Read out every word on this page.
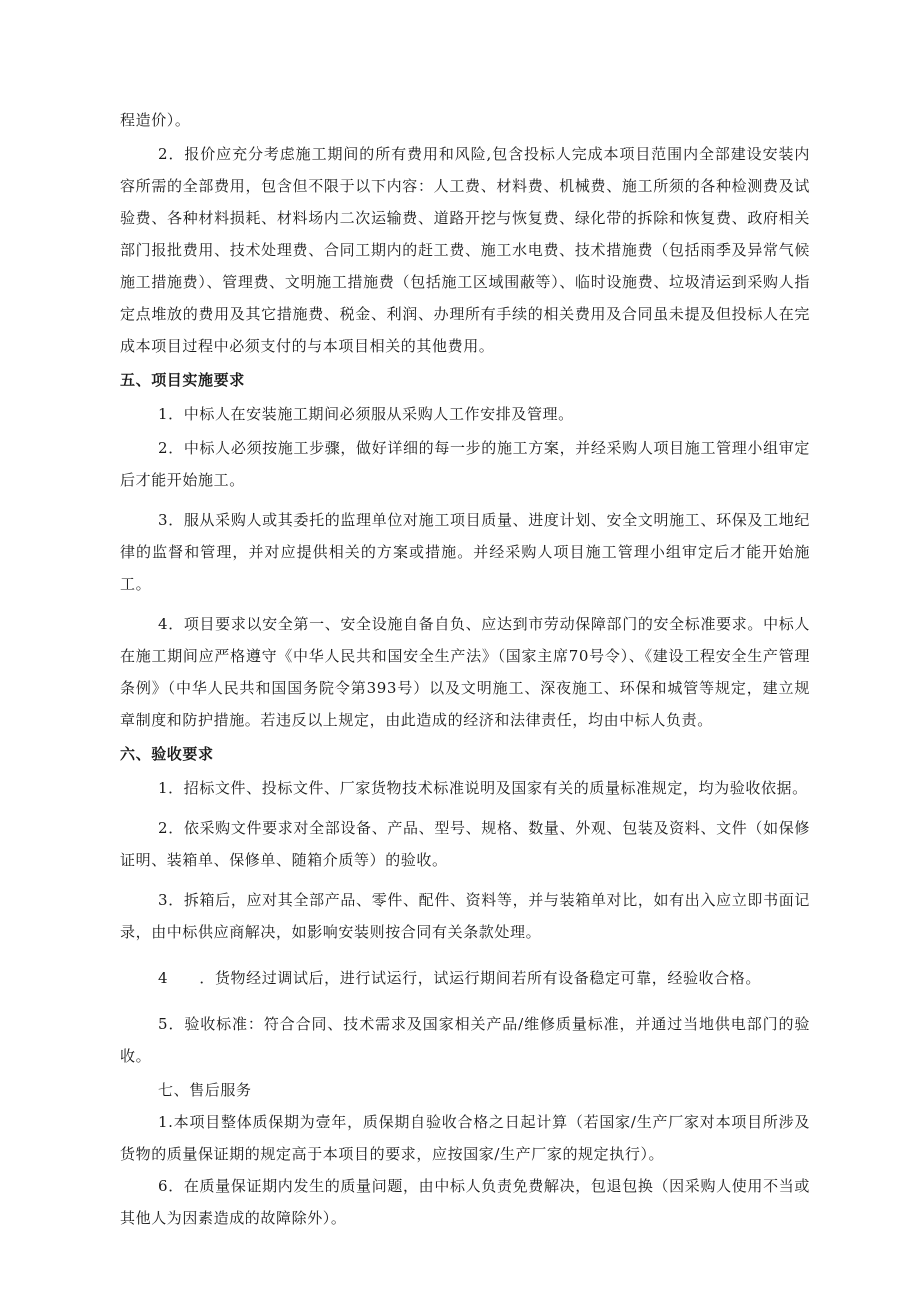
程造价）。

2．报价应充分考虑施工期间的所有费用和风险,包含投标人完成本项目范围内全部建设安装内容所需的全部费用，包含但不限于以下内容：人工费、材料费、机械费、施工所须的各种检测费及试验费、各种材料损耗、材料场内二次运输费、道路开挖与恢复费、绿化带的拆除和恢复费、政府相关部门报批费用、技术处理费、合同工期内的赶工费、施工水电费、技术措施费（包括雨季及异常气候施工措施费）、管理费、文明施工措施费（包括施工区域围蔽等）、临时设施费、垃圾清运到采购人指定点堆放的费用及其它措施费、税金、利润、办理所有手续的相关费用及合同虽未提及但投标人在完成本项目过程中必须支付的与本项目相关的其他费用。

五、项目实施要求

1．中标人在安装施工期间必须服从采购人工作安排及管理。

2．中标人必须按施工步骤，做好详细的每一步的施工方案，并经采购人项目施工管理小组审定后才能开始施工。

3．服从采购人或其委托的监理单位对施工项目质量、进度计划、安全文明施工、环保及工地纪律的监督和管理，并对应提供相关的方案或措施。并经采购人项目施工管理小组审定后才能开始施工。

4．项目要求以安全第一、安全设施自备自负、应达到市劳动保障部门的安全标准要求。中标人在施工期间应严格遵守《中华人民共和国安全生产法》（国家主席70号令）、《建设工程安全生产管理条例》（中华人民共和国国务院令第393号）以及文明施工、深夜施工、环保和城管等规定，建立规章制度和防护措施。若违反以上规定，由此造成的经济和法律责任，均由中标人负责。

六、验收要求

1．招标文件、投标文件、厂家货物技术标准说明及国家有关的质量标准规定，均为验收依据。

2．依采购文件要求对全部设备、产品、型号、规格、数量、外观、包装及资料、文件（如保修证明、装箱单、保修单、随箱介质等）的验收。

3．拆箱后，应对其全部产品、零件、配件、资料等，并与装箱单对比，如有出入应立即书面记录，由中标供应商解决，如影响安装则按合同有关条款处理。

4　　．货物经过调试后，进行试运行，试运行期间若所有设备稳定可靠，经验收合格。

5．验收标准：符合合同、技术需求及国家相关产品/维修质量标准，并通过当地供电部门的验收。

七、售后服务

1.本项目整体质保期为壹年，质保期自验收合格之日起计算（若国家/生产厂家对本项目所涉及货物的质量保证期的规定高于本项目的要求，应按国家/生产厂家的规定执行）。

6．在质量保证期内发生的质量问题，由中标人负责免费解决，包退包换（因采购人使用不当或其他人为因素造成的故障除外）。
